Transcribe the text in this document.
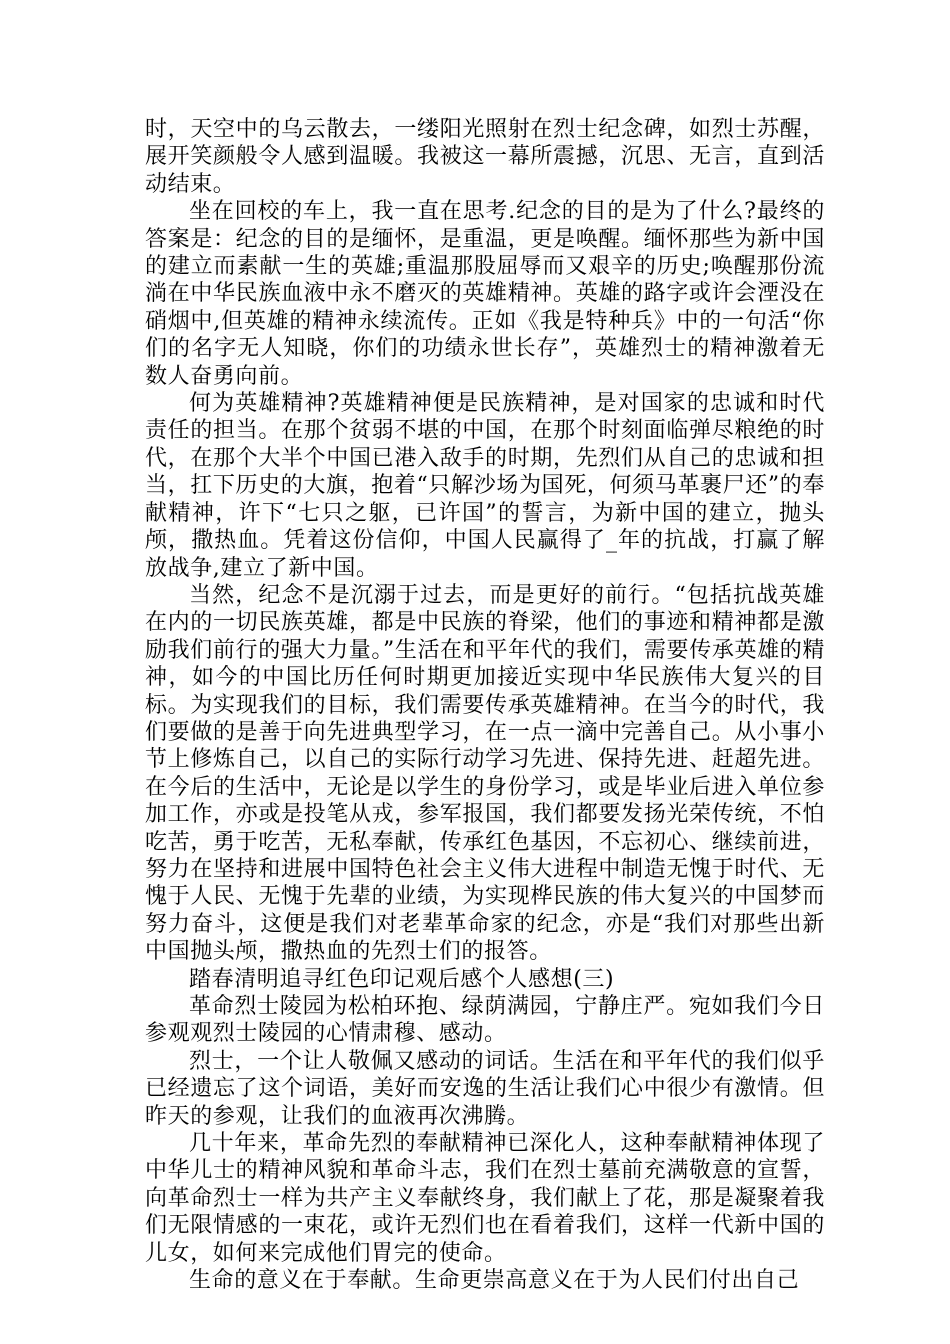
时，天空中的乌云散去，一缕阳光照射在烈士纪念碑，如烈士苏醒，展开笑颜般令人感到温暖。我被这一幕所震撼，沉思、无言，直到活动结束。

坐在回校的车上，我一直在思考.纪念的目的是为了什么?最终的答案是：纪念的目的是缅怀，是重温，更是唤醒。缅怀那些为新中国的建立而素献一生的英雄;重温那股屈辱而又艰辛的历史;唤醒那份流淌在中华民族血液中永不磨灭的英雄精神。英雄的路字或许会湮没在硝烟中,但英雄的精神永续流传。正如《我是特种兵》中的一句活“你们的名字无人知晓，你们的功绩永世长存”，英雄烈士的精神激着无数人奋勇向前。

何为英雄精神?英雄精神便是民族精神，是对国家的忠诚和时代责任的担当。在那个贫弱不堪的中国，在那个时刻面临弹尽粮绝的时代，在那个大半个中国已港入敌手的时期，先烈们从自己的忠诚和担当，扛下历史的大旗，抱着“只解沙场为国死，何须马革裹尸还”的奉献精神，许下“七只之躯，已许国”的誓言，为新中国的建立，抛头颅，撒热血。凭着这份信仰，中国人民赢得了_年的抗战，打赢了解放战争,建立了新中国。

当然，纪念不是沉溺于过去，而是更好的前行。“包括抗战英雄在内的一切民族英雄，都是中民族的脊梁，他们的事迹和精神都是激励我们前行的强大力量。”生活在和平年代的我们，需要传承英雄的精神，如今的中国比历任何时期更加接近实现中华民族伟大复兴的目标。为实现我们的目标，我们需要传承英雄精神。在当今的时代，我们要做的是善于向先进典型学习，在一点一滴中完善自己。从小事小节上修炼自己，以自己的实际行动学习先进、保持先进、赶超先进。在今后的生活中，无论是以学生的身份学习，或是毕业后进入单位参加工作，亦或是投笔从戎，参军报国，我们都要发扬光荣传统，不怕吃苦，勇于吃苦，无私奉献，传承红色基因，不忘初心、继续前进，努力在坚持和进展中国特色社会主义伟大进程中制造无愧于时代、无愧于人民、无愧于先辈的业绩，为实现桦民族的伟大复兴的中国梦而努力奋斗，这便是我们对老辈革命家的纪念，亦是“我们对那些出新中国抛头颅，撒热血的先烈士们的报答。

踏春清明追寻红色印记观后感个人感想(三)

革命烈士陵园为松柏环抱、绿荫满园，宁静庄严。宛如我们今日参观观烈士陵园的心情肃穆、感动。

烈士，一个让人敬佩又感动的词话。生活在和平年代的我们似乎已经遗忘了这个词语，美好而安逸的生活让我们心中很少有激情。但昨天的参观，让我们的血液再次沸腾。

几十年来，革命先烈的奉献精神已深化人，这种奉献精神体现了中华儿士的精神风貌和革命斗志，我们在烈士墓前充满敬意的宣誓，向革命烈士一样为共产主义奉献终身，我们献上了花，那是凝聚着我们无限情感的一束花，或许无烈们也在看着我们，这样一代新中国的儿女，如何来完成他们胃完的使命。

生命的意义在于奉献。生命更崇高意义在于为人民们付出自己
